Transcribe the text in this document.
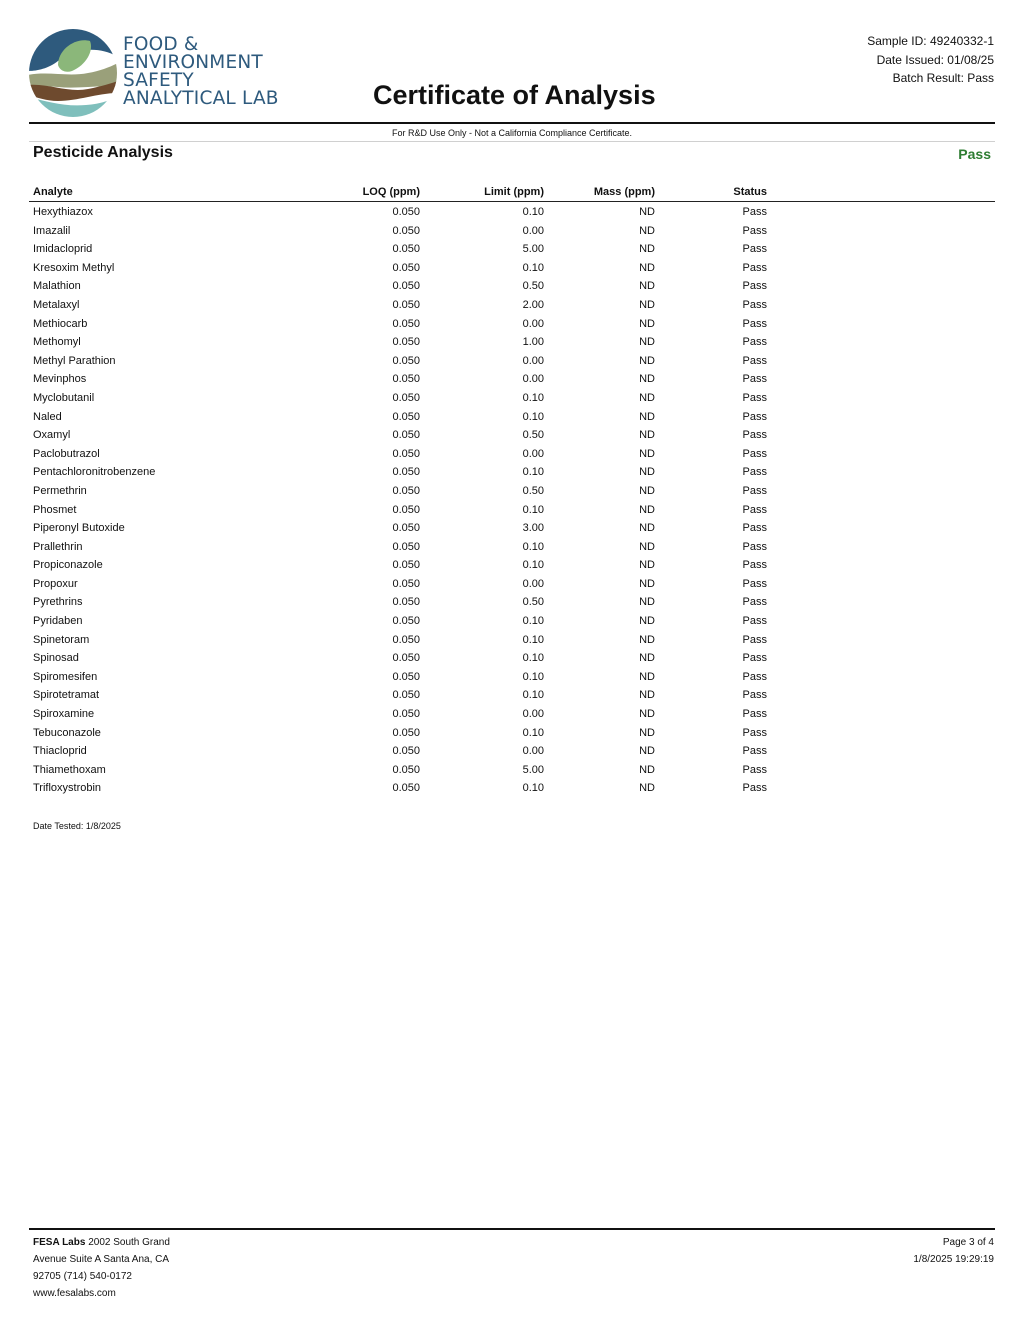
FOOD &
ENVIRONMENT
SAFETY
ANALYTICAL LAB	Certificate of Analysis
Sample ID: 49240332-1
Date Issued: 01/08/25
Batch Result: Pass
For R&D Use Only - Not a California Compliance Certificate.
Pesticide Analysis	Pass
Analyte	LOQ (ppm)	Limit (ppm)	Mass (ppm)	Status
Hexythiazox	0.050	0.10	ND	Pass
Imazalil	0.050	0.00	ND	Pass
Imidacloprid	0.050	5.00	ND	Pass
Kresoxim Methyl	0.050	0.10	ND	Pass
Malathion	0.050	0.50	ND	Pass
Metalaxyl	0.050	2.00	ND	Pass
Methiocarb	0.050	0.00	ND	Pass
Methomyl	0.050	1.00	ND	Pass
Methyl Parathion	0.050	0.00	ND	Pass
Mevinphos	0.050	0.00	ND	Pass
Myclobutanil	0.050	0.10	ND	Pass
Naled	0.050	0.10	ND	Pass
Oxamyl	0.050	0.50	ND	Pass
Paclobutrazol	0.050	0.00	ND	Pass
Pentachloronitrobenzene	0.050	0.10	ND	Pass
Permethrin	0.050	0.50	ND	Pass
Phosmet	0.050	0.10	ND	Pass
Piperonyl Butoxide	0.050	3.00	ND	Pass
Prallethrin	0.050	0.10	ND	Pass
Propiconazole	0.050	0.10	ND	Pass
Propoxur	0.050	0.00	ND	Pass
Pyrethrins	0.050	0.50	ND	Pass
Pyridaben	0.050	0.10	ND	Pass
Spinetoram	0.050	0.10	ND	Pass
Spinosad	0.050	0.10	ND	Pass
Spiromesifen	0.050	0.10	ND	Pass
Spirotetramat	0.050	0.10	ND	Pass
Spiroxamine	0.050	0.00	ND	Pass
Tebuconazole	0.050	0.10	ND	Pass
Thiacloprid	0.050	0.00	ND	Pass
Thiamethoxam	0.050	5.00	ND	Pass
Trifloxystrobin	0.050	0.10	ND	Pass
Date Tested: 1/8/2025
FESA Labs 2002 South Grand
Avenue Suite A Santa Ana, CA
92705 (714) 540-0172
www.fesalabs.com
Page 3 of 4
1/8/2025 19:29:19
